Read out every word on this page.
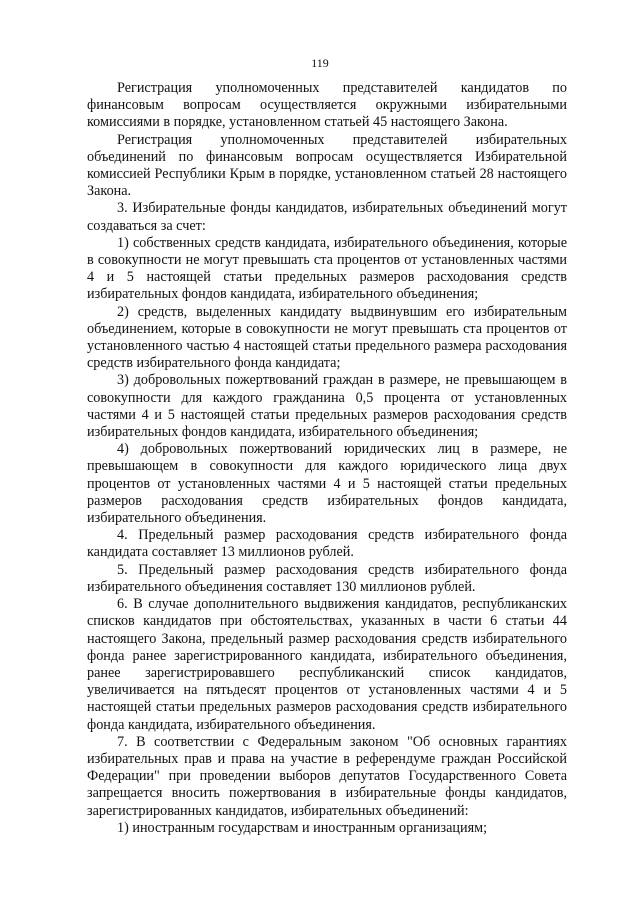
119

Регистрация уполномоченных представителей кандидатов по финансовым вопросам осуществляется окружными избирательными комиссиями в порядке, установленном статьей 45 настоящего Закона.

Регистрация уполномоченных представителей избирательных объединений по финансовым вопросам осуществляется Избирательной комиссией Республики Крым в порядке, установленном статьей 28 настоящего Закона.

3. Избирательные фонды кандидатов, избирательных объединений могут создаваться за счет:

1) собственных средств кандидата, избирательного объединения, которые в совокупности не могут превышать ста процентов от установленных частями 4 и 5 настоящей статьи предельных размеров расходования средств избирательных фондов кандидата, избирательного объединения;

2) средств, выделенных кандидату выдвинувшим его избирательным объединением, которые в совокупности не могут превышать ста процентов от установленного частью 4 настоящей статьи предельного размера расходования средств избирательного фонда кандидата;

3) добровольных пожертвований граждан в размере, не превышающем в совокупности для каждого гражданина 0,5 процента от установленных частями 4 и 5 настоящей статьи предельных размеров расходования средств избирательных фондов кандидата, избирательного объединения;

4) добровольных пожертвований юридических лиц в размере, не превышающем в совокупности для каждого юридического лица двух процентов от установленных частями 4 и 5 настоящей статьи предельных размеров расходования средств избирательных фондов кандидата, избирательного объединения.

4. Предельный размер расходования средств избирательного фонда кандидата составляет 13 миллионов рублей.

5. Предельный размер расходования средств избирательного фонда избирательного объединения составляет 130 миллионов рублей.

6. В случае дополнительного выдвижения кандидатов, республиканских списков кандидатов при обстоятельствах, указанных в части 6 статьи 44 настоящего Закона, предельный размер расходования средств избирательного фонда ранее зарегистрированного кандидата, избирательного объединения, ранее зарегистрировавшего республиканский список кандидатов, увеличивается на пятьдесят процентов от установленных частями 4 и 5 настоящей статьи предельных размеров расходования средств избирательного фонда кандидата, избирательного объединения.

7. В соответствии с Федеральным законом "Об основных гарантиях избирательных прав и права на участие в референдуме граждан Российской Федерации" при проведении выборов депутатов Государственного Совета запрещается вносить пожертвования в избирательные фонды кандидатов, зарегистрированных кандидатов, избирательных объединений:

1) иностранным государствам и иностранным организациям;
